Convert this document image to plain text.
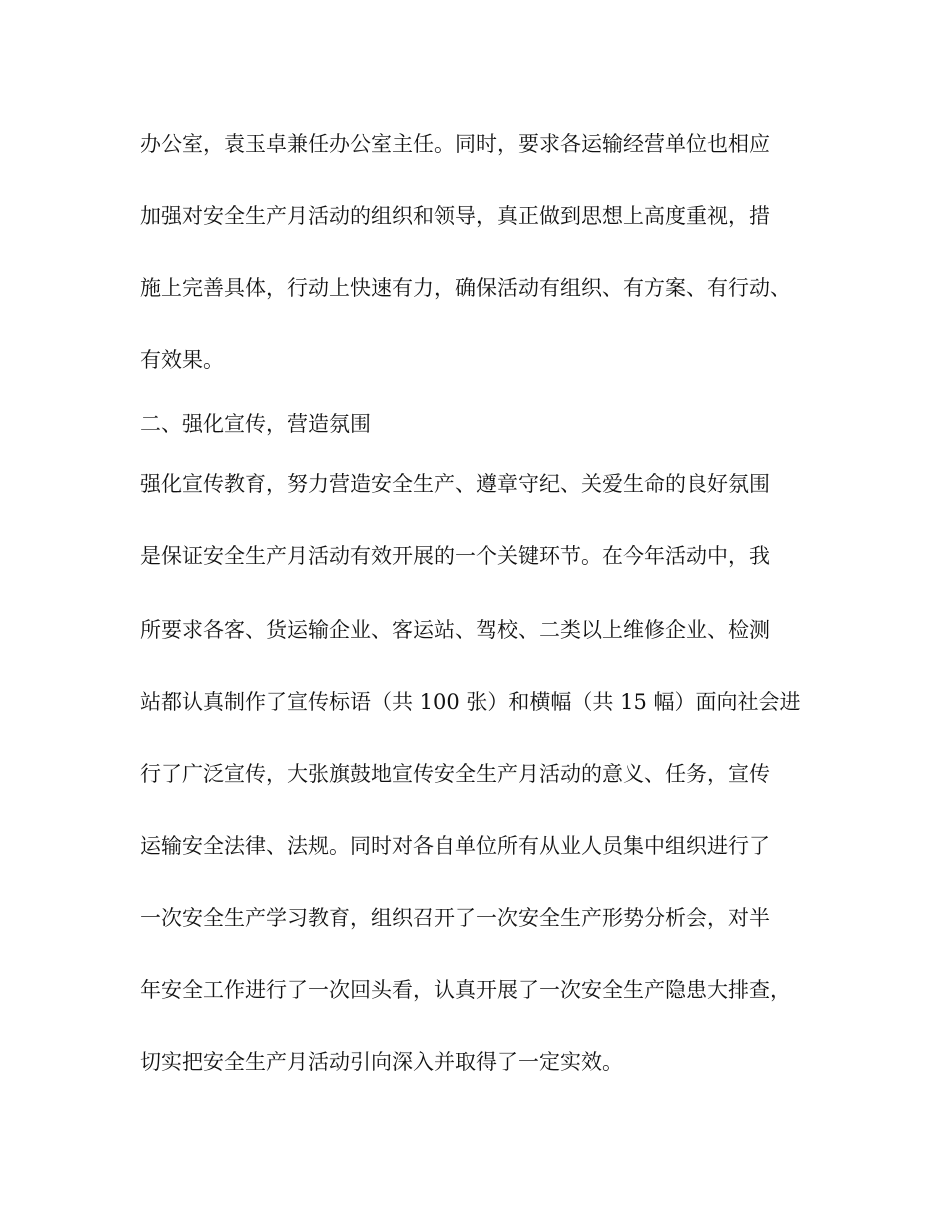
办公室，袁玉卓兼任办公室主任。同时，要求各运输经营单位也相应
加强对安全生产月活动的组织和领导，真正做到思想上高度重视，措
施上完善具体，行动上快速有力，确保活动有组织、有方案、有行动、
有效果。
二、强化宣传，营造氛围
强化宣传教育，努力营造安全生产、遵章守纪、关爱生命的良好氛围
是保证安全生产月活动有效开展的一个关键环节。在今年活动中，我
所要求各客、货运输企业、客运站、驾校、二类以上维修企业、检测
站都认真制作了宣传标语（共 100 张）和横幅（共 15 幅）面向社会进
行了广泛宣传，大张旗鼓地宣传安全生产月活动的意义、任务，宣传
运输安全法律、法规。同时对各自单位所有从业人员集中组织进行了
一次安全生产学习教育，组织召开了一次安全生产形势分析会，对半
年安全工作进行了一次回头看，认真开展了一次安全生产隐患大排查，
切实把安全生产月活动引向深入并取得了一定实效。
